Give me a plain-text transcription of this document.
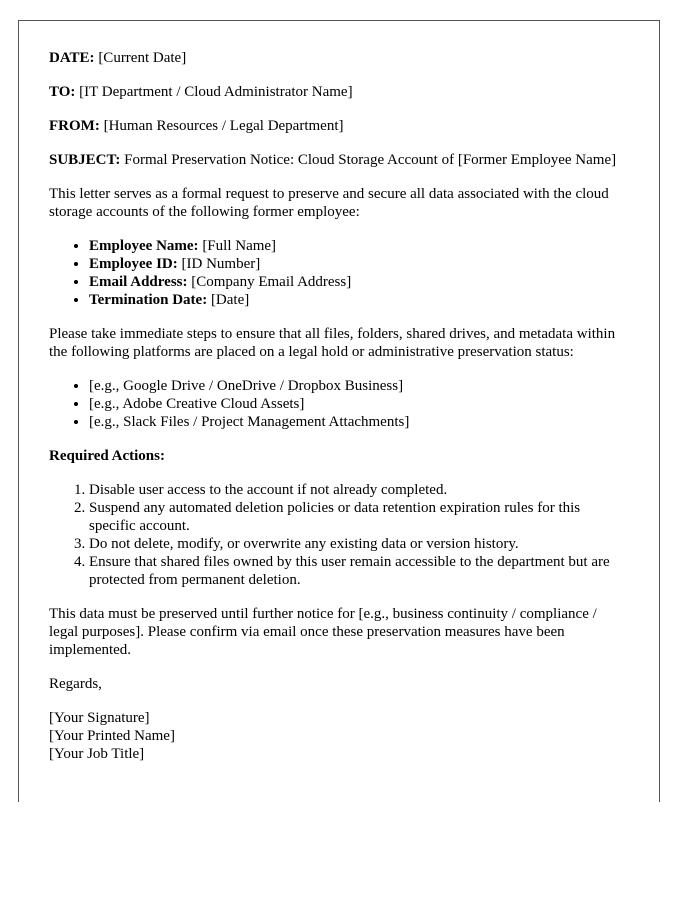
DATE: [Current Date]

TO: [IT Department / Cloud Administrator Name]

FROM: [Human Resources / Legal Department]

SUBJECT: Formal Preservation Notice: Cloud Storage Account of [Former Employee Name]

This letter serves as a formal request to preserve and secure all data associated with the cloud storage accounts of the following former employee:

• Employee Name: [Full Name]
• Employee ID: [ID Number]
• Email Address: [Company Email Address]
• Termination Date: [Date]

Please take immediate steps to ensure that all files, folders, shared drives, and metadata within the following platforms are placed on a legal hold or administrative preservation status:

• [e.g., Google Drive / OneDrive / Dropbox Business]
• [e.g., Adobe Creative Cloud Assets]
• [e.g., Slack Files / Project Management Attachments]

Required Actions:

1. Disable user access to the account if not already completed.
2. Suspend any automated deletion policies or data retention expiration rules for this specific account.
3. Do not delete, modify, or overwrite any existing data or version history.
4. Ensure that shared files owned by this user remain accessible to the department but are protected from permanent deletion.

This data must be preserved until further notice for [e.g., business continuity / compliance / legal purposes]. Please confirm via email once these preservation measures have been implemented.

Regards,

[Your Signature]

[Your Printed Name]

[Your Job Title]
